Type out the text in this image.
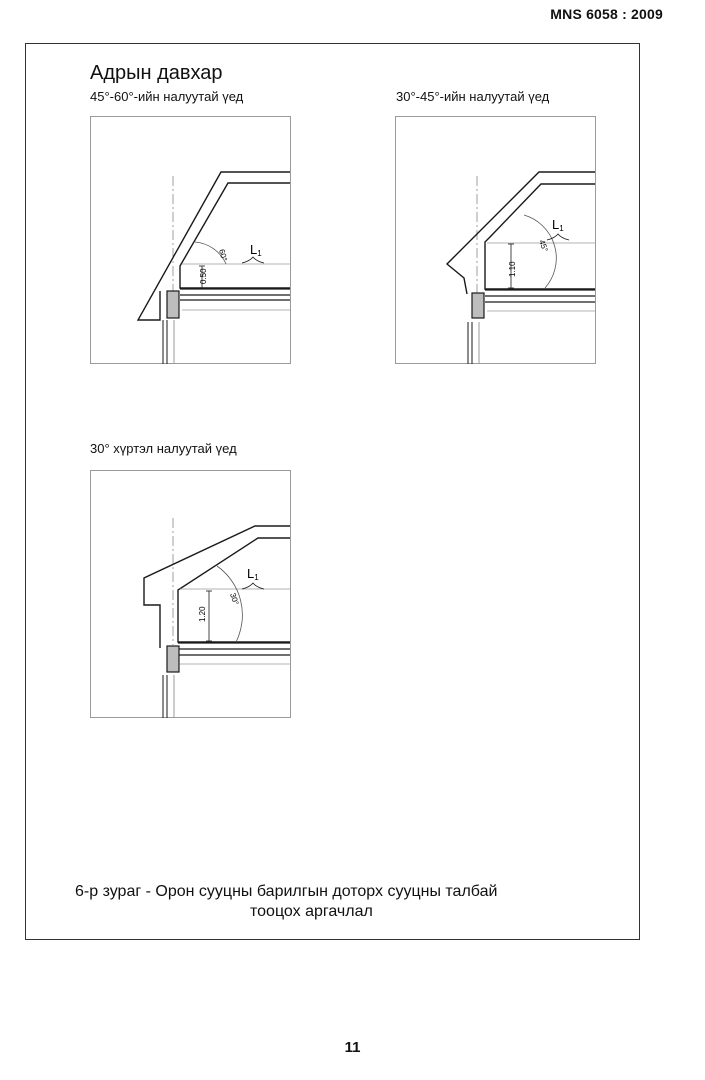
MNS 6058 : 2009
Адрын давхар
45°-60°-ийн налуутай үед	30°-45°-ийн налуутай үед
30° хүртэл налуутай үед
0.50
60° L1
1.10
45°
L1
1.20
30°
L1
6-р зураг - Орон сууцны барилгын доторх сууцны талбай
тооцох аргачлал
11
